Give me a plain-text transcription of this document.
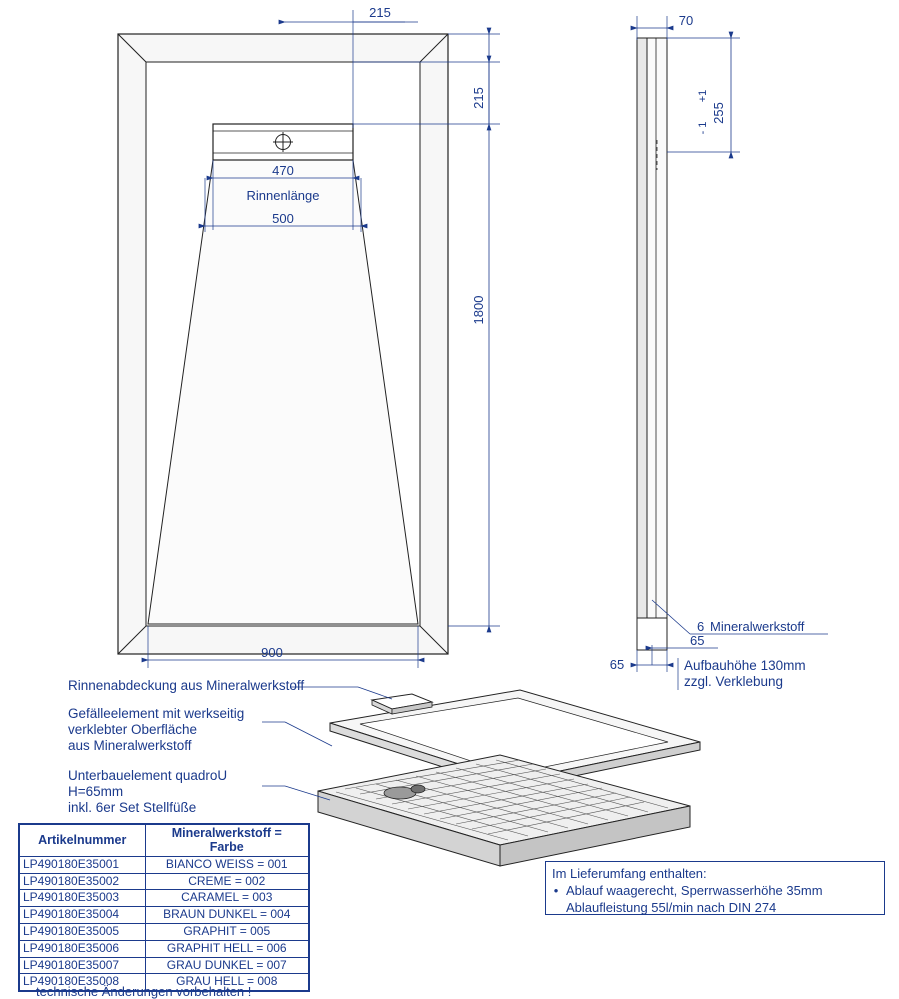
215
215
470
Rinnenlänge
500
1800
900
70
255
+1
- 1
6 Mineralwerkstoff
65
65	Aufbauhöhe 130mm
zzgl. Verklebung
Rinnenabdeckung aus Mineralwerkstoff
Gefälleelement mit werkseitig
verklebter Oberfläche
aus Mineralwerkstoff
Unterbauelement quadroU
H=65mm
inkl. 6er Set Stellfüße
Artikelnummer	Mineralwerkstoff =
Farbe

LP490180E35001	BIANCO WEISS = 001
LP490180E35002	CREME = 002
LP490180E35003	CARAMEL = 003
LP490180E35004	BRAUN DUNKEL = 004
LP490180E35005	GRAPHIT = 005
LP490180E35006	GRAPHIT HELL = 006
LP490180E35007	GRAU DUNKEL = 007
LP490180E35008	GRAU HELL = 008
Im Lieferumfang enthalten:
• Ablauf waagerecht, Sperrwasserhöhe 35mm
Ablaufleistung 55l/min nach DIN 274
technische Änderungen vorbehalten !
